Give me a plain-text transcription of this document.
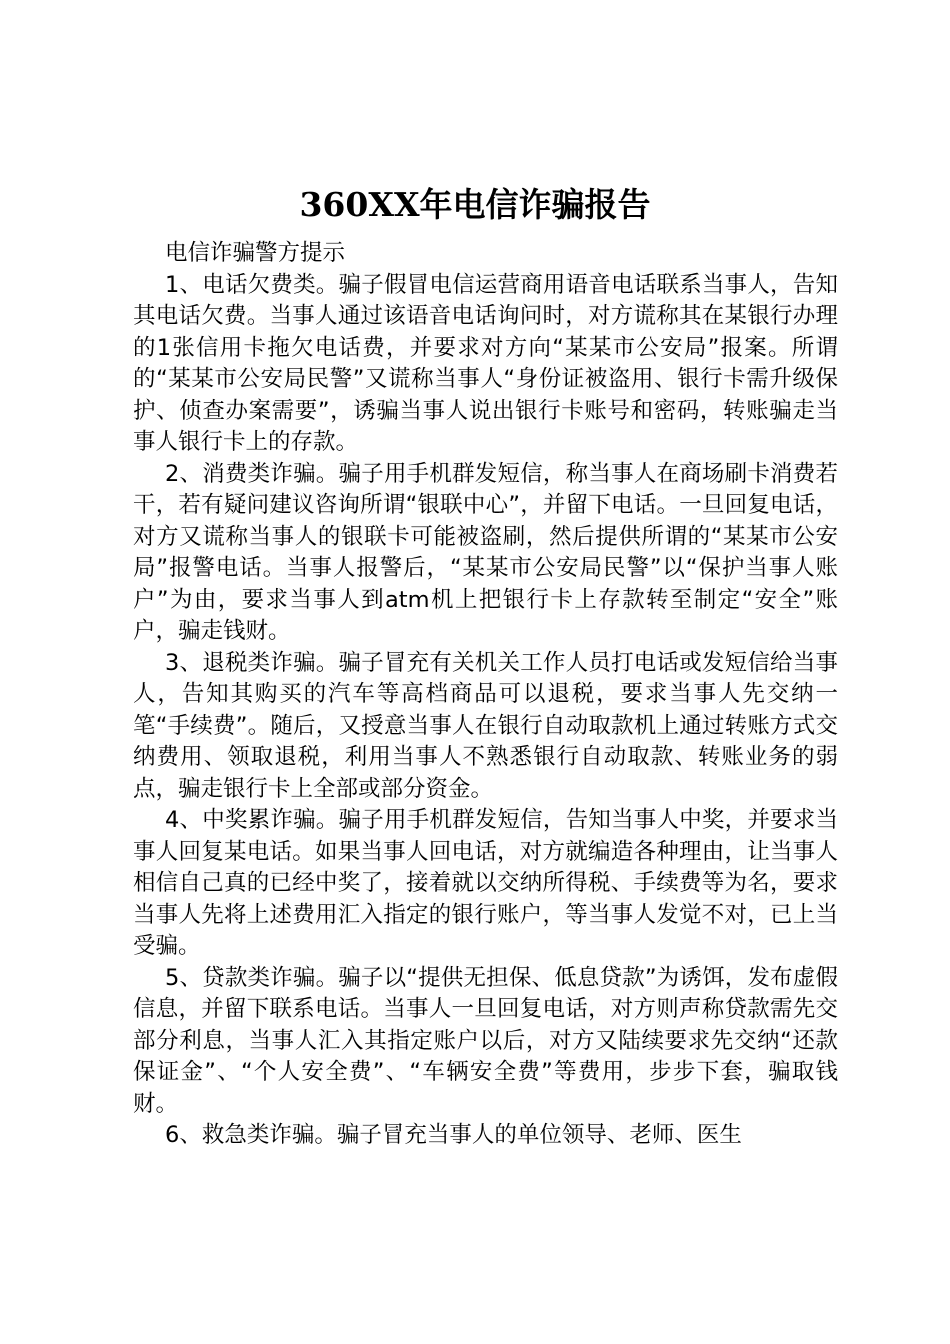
360XX年电信诈骗报告

电信诈骗警方提示

1、电话欠费类。骗子假冒电信运营商用语音电话联系当事人，告知其电话欠费。当事人通过该语音电话询问时，对方谎称其在某银行办理的1张信用卡拖欠电话费，并要求对方向“某某市公安局”报案。所谓的“某某市公安局民警”又谎称当事人“身份证被盗用、银行卡需升级保护、侦查办案需要”，诱骗当事人说出银行卡账号和密码，转账骗走当事人银行卡上的存款。

2、消费类诈骗。骗子用手机群发短信，称当事人在商场刷卡消费若干，若有疑问建议咨询所谓“银联中心”，并留下电话。一旦回复电话，对方又谎称当事人的银联卡可能被盗刷，然后提供所谓的“某某市公安局”报警电话。当事人报警后，“某某市公安局民警”以“保护当事人账户”为由，要求当事人到atm机上把银行卡上存款转至制定“安全”账户，骗走钱财。

3、退税类诈骗。骗子冒充有关机关工作人员打电话或发短信给当事人，告知其购买的汽车等高档商品可以退税，要求当事人先交纳一笔“手续费”。随后，又授意当事人在银行自动取款机上通过转账方式交纳费用、领取退税，利用当事人不熟悉银行自动取款、转账业务的弱点，骗走银行卡上全部或部分资金。

4、中奖累诈骗。骗子用手机群发短信，告知当事人中奖，并要求当事人回复某电话。如果当事人回电话，对方就编造各种理由，让当事人相信自己真的已经中奖了，接着就以交纳所得税、手续费等为名，要求当事人先将上述费用汇入指定的银行账户，等当事人发觉不对，已上当受骗。

5、贷款类诈骗。骗子以“提供无担保、低息贷款”为诱饵，发布虚假信息，并留下联系电话。当事人一旦回复电话，对方则声称贷款需先交部分利息，当事人汇入其指定账户以后，对方又陆续要求先交纳“还款保证金”、“个人安全费”、“车辆安全费”等费用，步步下套，骗取钱财。

6、救急类诈骗。骗子冒充当事人的单位领导、老师、医生
